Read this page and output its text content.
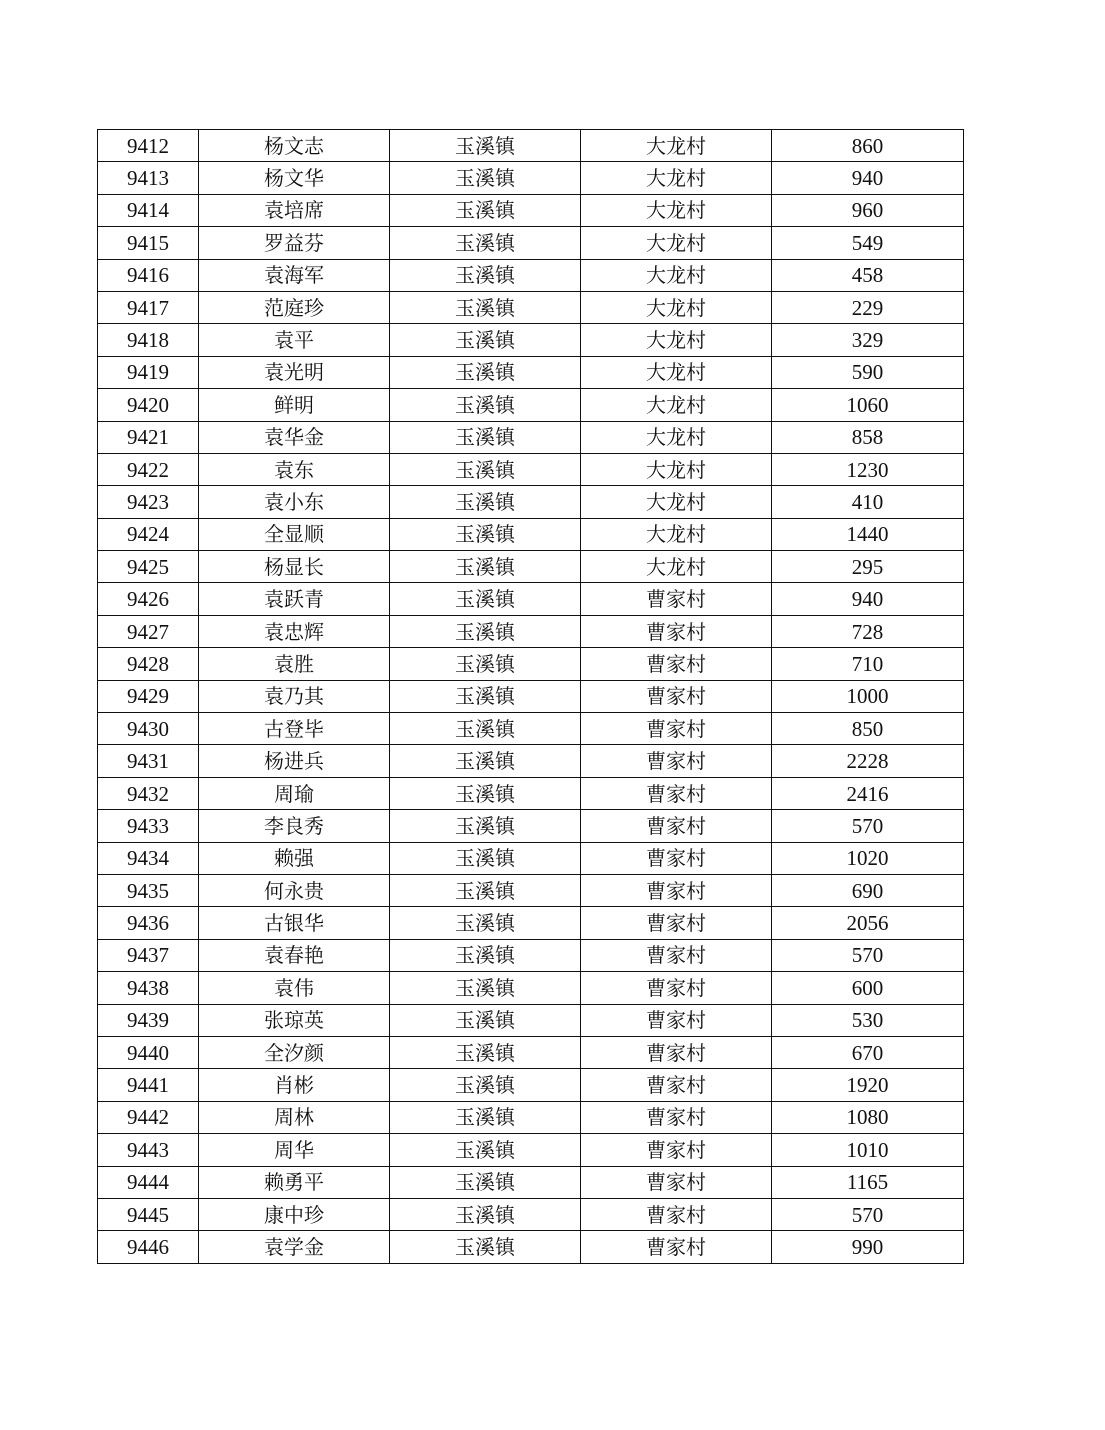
9412	杨文志	玉溪镇	大龙村	860
9413	杨文华	玉溪镇	大龙村	940
9414	袁培席	玉溪镇	大龙村	960
9415	罗益芬	玉溪镇	大龙村	549
9416	袁海军	玉溪镇	大龙村	458
9417	范庭珍	玉溪镇	大龙村	229
9418	袁平	玉溪镇	大龙村	329
9419	袁光明	玉溪镇	大龙村	590
9420	鲜明	玉溪镇	大龙村	1060
9421	袁华金	玉溪镇	大龙村	858
9422	袁东	玉溪镇	大龙村	1230
9423	袁小东	玉溪镇	大龙村	410
9424	全显顺	玉溪镇	大龙村	1440
9425	杨显长	玉溪镇	大龙村	295
9426	袁跃青	玉溪镇	曹家村	940
9427	袁忠辉	玉溪镇	曹家村	728
9428	袁胜	玉溪镇	曹家村	710
9429	袁乃其	玉溪镇	曹家村	1000
9430	古登毕	玉溪镇	曹家村	850
9431	杨进兵	玉溪镇	曹家村	2228
9432	周瑜	玉溪镇	曹家村	2416
9433	李良秀	玉溪镇	曹家村	570
9434	赖强	玉溪镇	曹家村	1020
9435	何永贵	玉溪镇	曹家村	690
9436	古银华	玉溪镇	曹家村	2056
9437	袁春艳	玉溪镇	曹家村	570
9438	袁伟	玉溪镇	曹家村	600
9439	张琼英	玉溪镇	曹家村	530
9440	全汐颜	玉溪镇	曹家村	670
9441	肖彬	玉溪镇	曹家村	1920
9442	周林	玉溪镇	曹家村	1080
9443	周华	玉溪镇	曹家村	1010
9444	赖勇平	玉溪镇	曹家村	1165
9445	康中珍	玉溪镇	曹家村	570
9446	袁学金	玉溪镇	曹家村	990
